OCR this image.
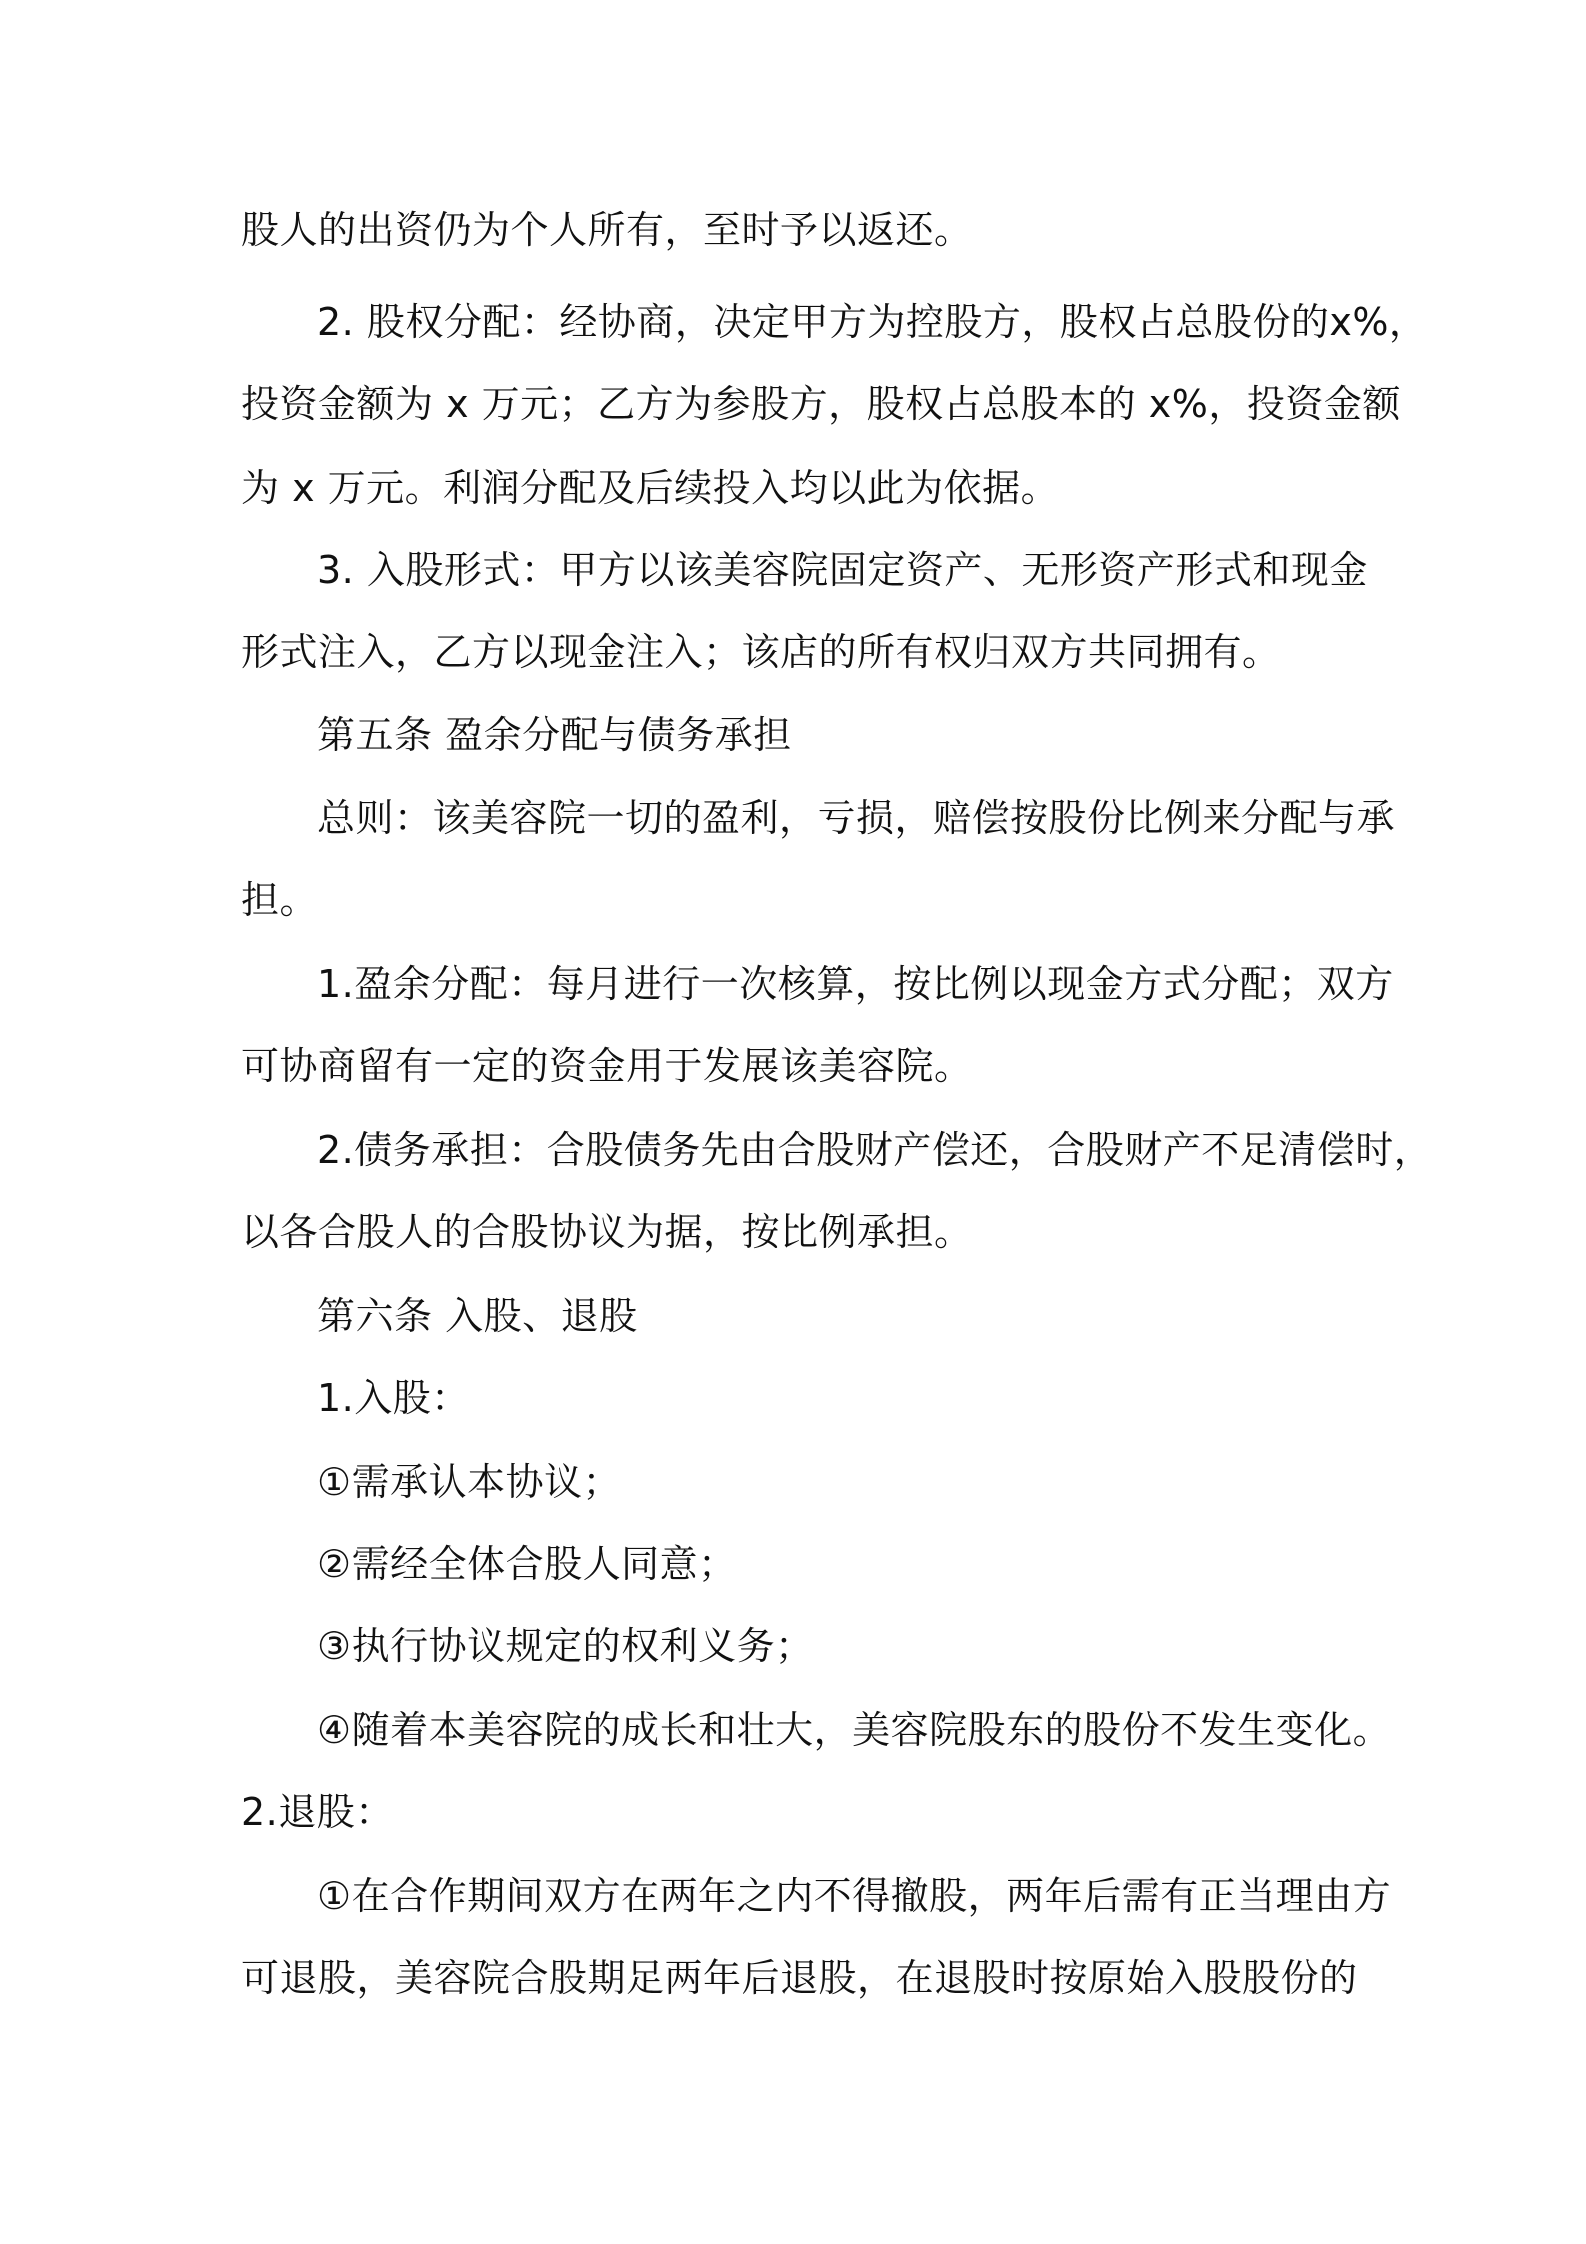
股人的出资仍为个人所有，至时予以返还。
2. 股权分配：经协商，决定甲方为控股方，股权占总股份的x%，
投资金额为 x 万元；乙方为参股方，股权占总股本的 x%，投资金额
为 x 万元。利润分配及后续投入均以此为依据。
3. 入股形式：甲方以该美容院固定资产、无形资产形式和现金
形式注入，乙方以现金注入；该店的所有权归双方共同拥有。
第五条 盈余分配与债务承担
总则：该美容院一切的盈利，亏损，赔偿按股份比例来分配与承
担。
1.盈余分配：每月进行一次核算，按比例以现金方式分配；双方
可协商留有一定的资金用于发展该美容院。
2.债务承担：合股债务先由合股财产偿还，合股财产不足清偿时，
以各合股人的合股协议为据，按比例承担。
第六条 入股、退股
1.入股：
①需承认本协议；
②需经全体合股人同意；
③执行协议规定的权利义务；
④随着本美容院的成长和壮大，美容院股东的股份不发生变化。
2.退股：
①在合作期间双方在两年之内不得撤股，两年后需有正当理由方
可退股，美容院合股期足两年后退股，在退股时按原始入股股份的
